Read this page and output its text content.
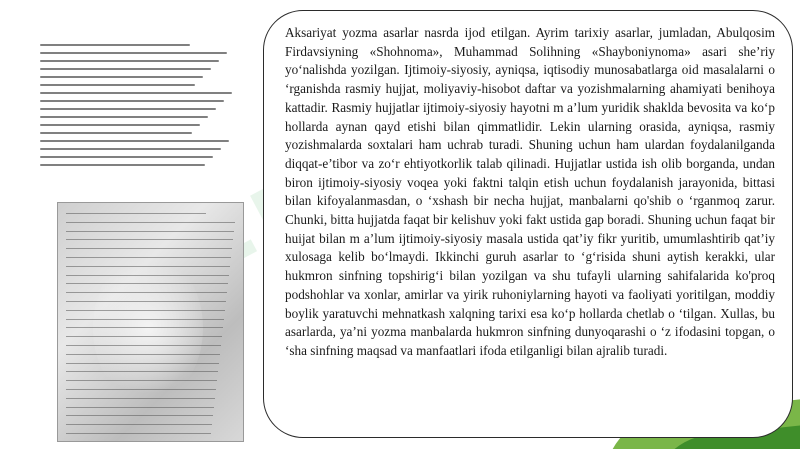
Aksariyat yozma asarlar nasrda ijod etilgan. Ayrim tarixiy asarlar, jumladan, Abulqosim Firdavsiyning «Shohnoma», Muhammad Solihning «Shayboniynoma» asari she’riy yo‘nalishda yozilgan. Ijtimoiy-siyosiy, ayniqsa, iqtisodiy munosabatlarga oid masalalarni o ‘rganishda rasmiy hujjat, moliyaviy-hisobot daftar va yozishmalarning ahamiyati benihoya kattadir. Rasmiy hujjatlar ijtimoiy-siyosiy hayotni m a’lum yuridik shaklda bevosita va ko‘p hollarda aynan qayd etishi bilan qimmatlidir. Lekin ularning orasida, ayniqsa, rasmiy yozishmalarda soxtalari ham uchrab turadi. Shuning uchun ham ulardan foydalanilganda diqqat-e’tibor va zo‘r ehtiyotkorlik talab qilinadi. Hujjatlar ustida ish olib borganda, undan biron ijtimoiy-siyosiy voqea yoki faktni talqin etish uchun foydalanish jarayonida, bittasi bilan kifoyalanmasdan, o ‘xshash bir necha hujjat, manbalarni qo'shib o ‘rganmoq zarur. Chunki, bitta hujjatda faqat bir kelishuv yoki fakt ustida gap boradi. Shuning uchun faqat bir huijat bilan m a’lum ijtimoiy-siyosiy masala ustida qat’iy fikr yuritib, umumlashtirib qat’iy xulosaga kelib bo‘lmaydi. Ikkinchi guruh asarlar to ‘g‘risida shuni aytish kerakki, ular hukmron sinfning topshirig‘i bilan yozilgan va shu tufayli ularning sahifalarida ko'proq podshohlar va xonlar, amirlar va yirik ruhoniylarning hayoti va faoliyati yoritilgan, moddiy boylik yaratuvchi mehnatkash xalqning tarixi esa ko‘p hollarda chetlab o ‘tilgan. Xullas, bu asarlarda, ya’ni yozma manbalarda hukmron sinfning dunyoqarashi o ‘z ifodasini topgan, o ‘sha sinfning maqsad va manfaatlari ifoda etilganligi bilan ajralib turadi.
